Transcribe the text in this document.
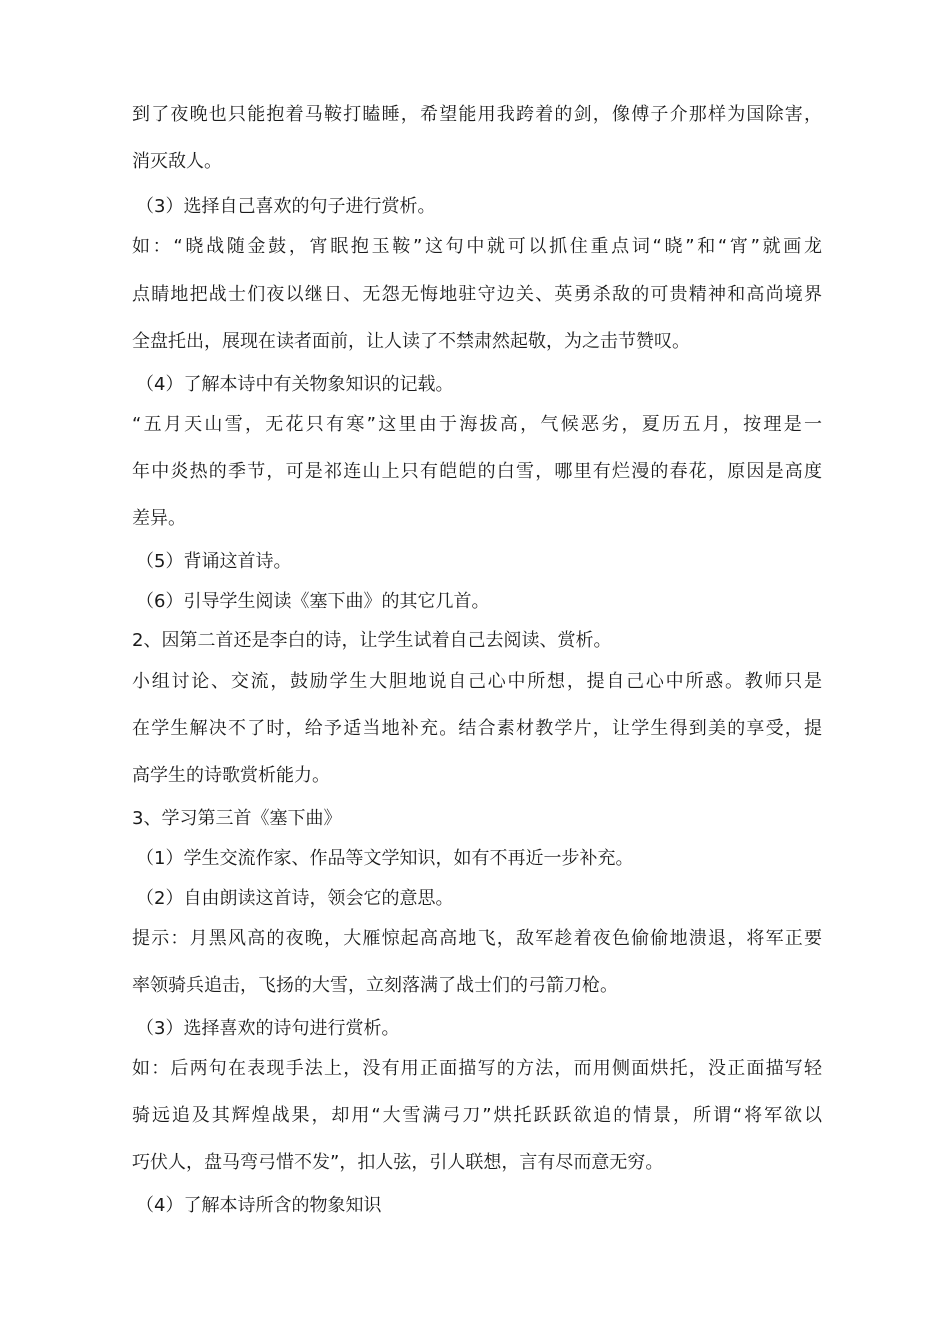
到了夜晚也只能抱着马鞍打瞌睡，希望能用我跨着的剑，像傅子介那样为国除害，
消灭敌人。
（3）选择自己喜欢的句子进行赏析。
如：“晓战随金鼓，宵眠抱玉鞍”这句中就可以抓住重点词“晓”和“宵”就画龙
点睛地把战士们夜以继日、无怨无悔地驻守边关、英勇杀敌的可贵精神和高尚境界
全盘托出，展现在读者面前，让人读了不禁肃然起敬，为之击节赞叹。
（4）了解本诗中有关物象知识的记载。
“五月天山雪，无花只有寒”这里由于海拔高，气候恶劣，夏历五月，按理是一
年中炎热的季节，可是祁连山上只有皑皑的白雪，哪里有烂漫的春花，原因是高度
差异。
（5）背诵这首诗。
（6）引导学生阅读《塞下曲》的其它几首。
2、因第二首还是李白的诗，让学生试着自己去阅读、赏析。
小组讨论、交流，鼓励学生大胆地说自己心中所想，提自己心中所惑。教师只是
在学生解决不了时，给予适当地补充。结合素材教学片，让学生得到美的享受，提
高学生的诗歌赏析能力。
3、学习第三首《塞下曲》
（1）学生交流作家、作品等文学知识，如有不再近一步补充。
（2）自由朗读这首诗，领会它的意思。
提示：月黑风高的夜晚，大雁惊起高高地飞，敌军趁着夜色偷偷地溃退，将军正要
率领骑兵追击，飞扬的大雪，立刻落满了战士们的弓箭刀枪。
（3）选择喜欢的诗句进行赏析。
如：后两句在表现手法上，没有用正面描写的方法，而用侧面烘托，没正面描写轻
骑远追及其辉煌战果，却用“大雪满弓刀”烘托跃跃欲追的情景，所谓“将军欲以
巧伏人，盘马弯弓惜不发”，扣人弦，引人联想，言有尽而意无穷。
（4）了解本诗所含的物象知识
